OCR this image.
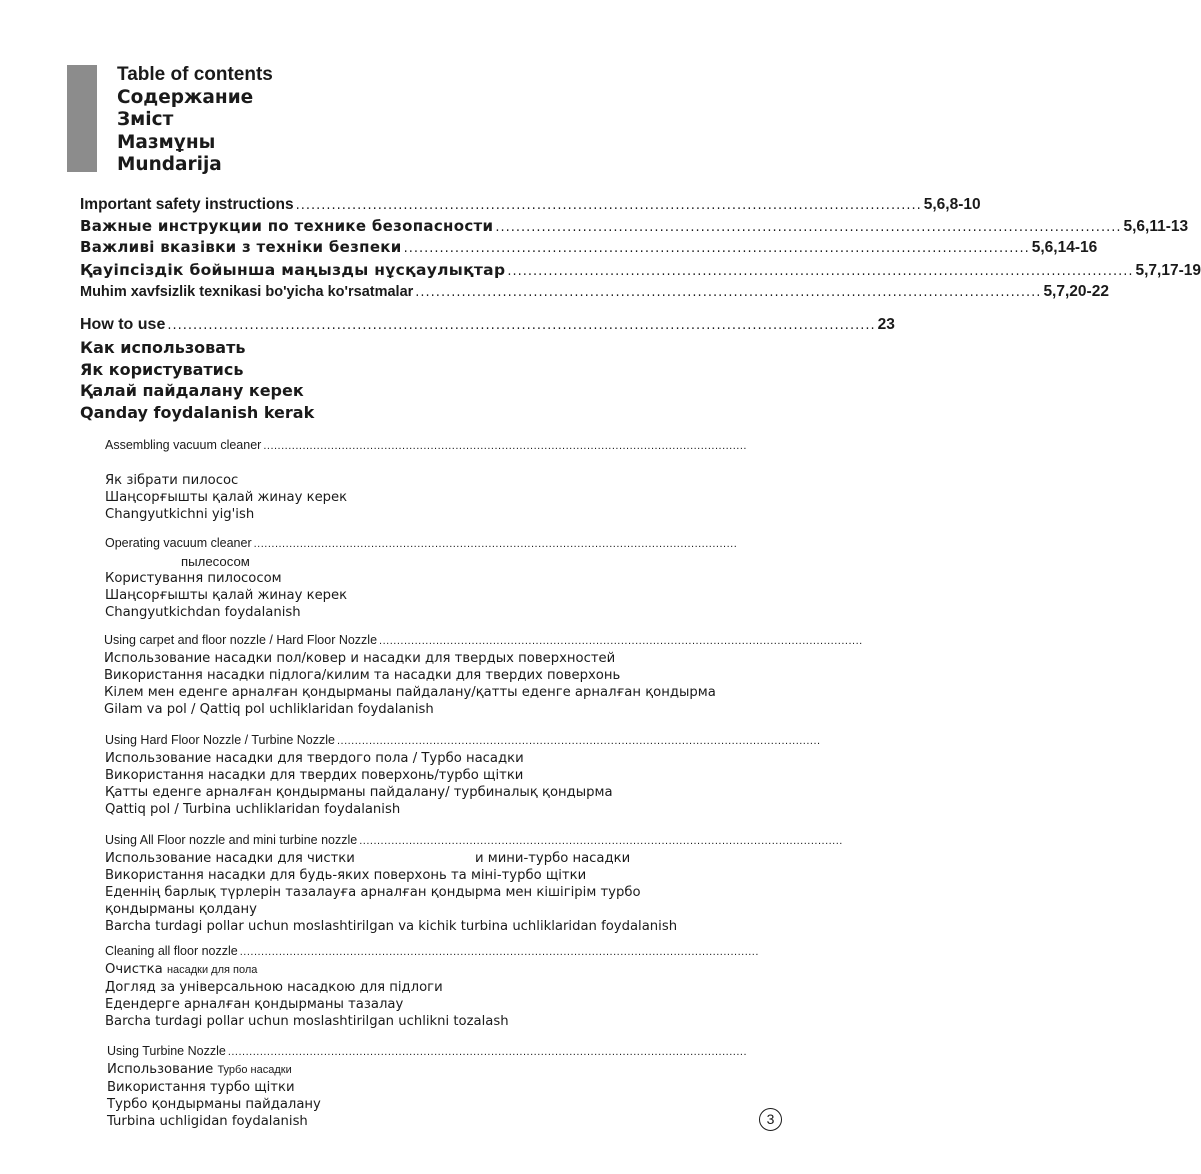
Table of contents
Содержание
Зміст
Мазмұны
Mundarija
Important safety instructions .......................................................................................................................... 5,6,8-10
Важные инструкции по технике безопасности .......................................................................................................................... 5,6,11-13
Важливі вказівки з техніки безпеки .......................................................................................................................... 5,6,14-16
Қауіпсіздік бойынша маңызды нұсқаулықтар .......................................................................................................................... 5,7,17-19
Muhim xavfsizlik texnikasi bo'yicha ko'rsatmalar .......................................................................................................................... 5,7,20-22
How to use .......................................................................................................................................... 23
Как использовать
Як користуватись
Қалай пайдалану керек
Qanday foydalanish kerak
Assembling vacuum cleaner ........................................................................................................................................
Як зібрати пилосос
Шаңсорғышты қалай жинау керек
Changyutkichni yig'ish
Operating vacuum cleaner ........................................................................................................................................
пылесосом
Користування пилососом
Шаңсорғышты қалай жинау керек
Changyutkichdan foydalanish
Using carpet and floor nozzle / Hard Floor Nozzle ........................................................................................................................................
Использование насадки пол/ковер и насадки для твердых поверхностей
Використання насадки підлога/килим та насадки для твердих поверхонь
Кілем мен еденге арналған қондырманы пайдалану/қатты еденге арналған қондырма
Gilam va pol / Qattiq pol uchliklaridan foydalanish
Using Hard Floor Nozzle / Turbine Nozzle ........................................................................................................................................
Использование насадки для твердого пола / Турбо насадки
Використання насадки для твердих поверхонь/турбо щітки
Қатты еденге арналған қондырманы пайдалану/ турбиналық қондырма
Qattiq pol / Turbina uchliklaridan foydalanish
Using All Floor nozzle and mini turbine nozzle ........................................................................................................................................
Использование насадки для чистки	и мини-турбо насадки
Використання насадки для будь-яких поверхонь та міні-турбо щітки
Еденнің барлық түрлерін тазалауға арналған қондырма мен кішігірім турбо
қондырманы қолдану
Barcha turdagi pollar uchun moslashtirilgan va kichik turbina uchliklaridan foydalanish
Cleaning all floor nozzle ..................................................................................................................................................
Очистка насадки для пола
Догляд за універсальною насадкою для підлоги
Едендерге арналған қондырманы тазалау
Barcha turdagi pollar uchun moslashtirilgan uchlikni tozalash
Using Turbine Nozzle ..................................................................................................................................................
Использование Турбо насадки
Використання турбо щітки
Турбо қондырманы пайдалану
Turbina uchligidan foydalanish	3
